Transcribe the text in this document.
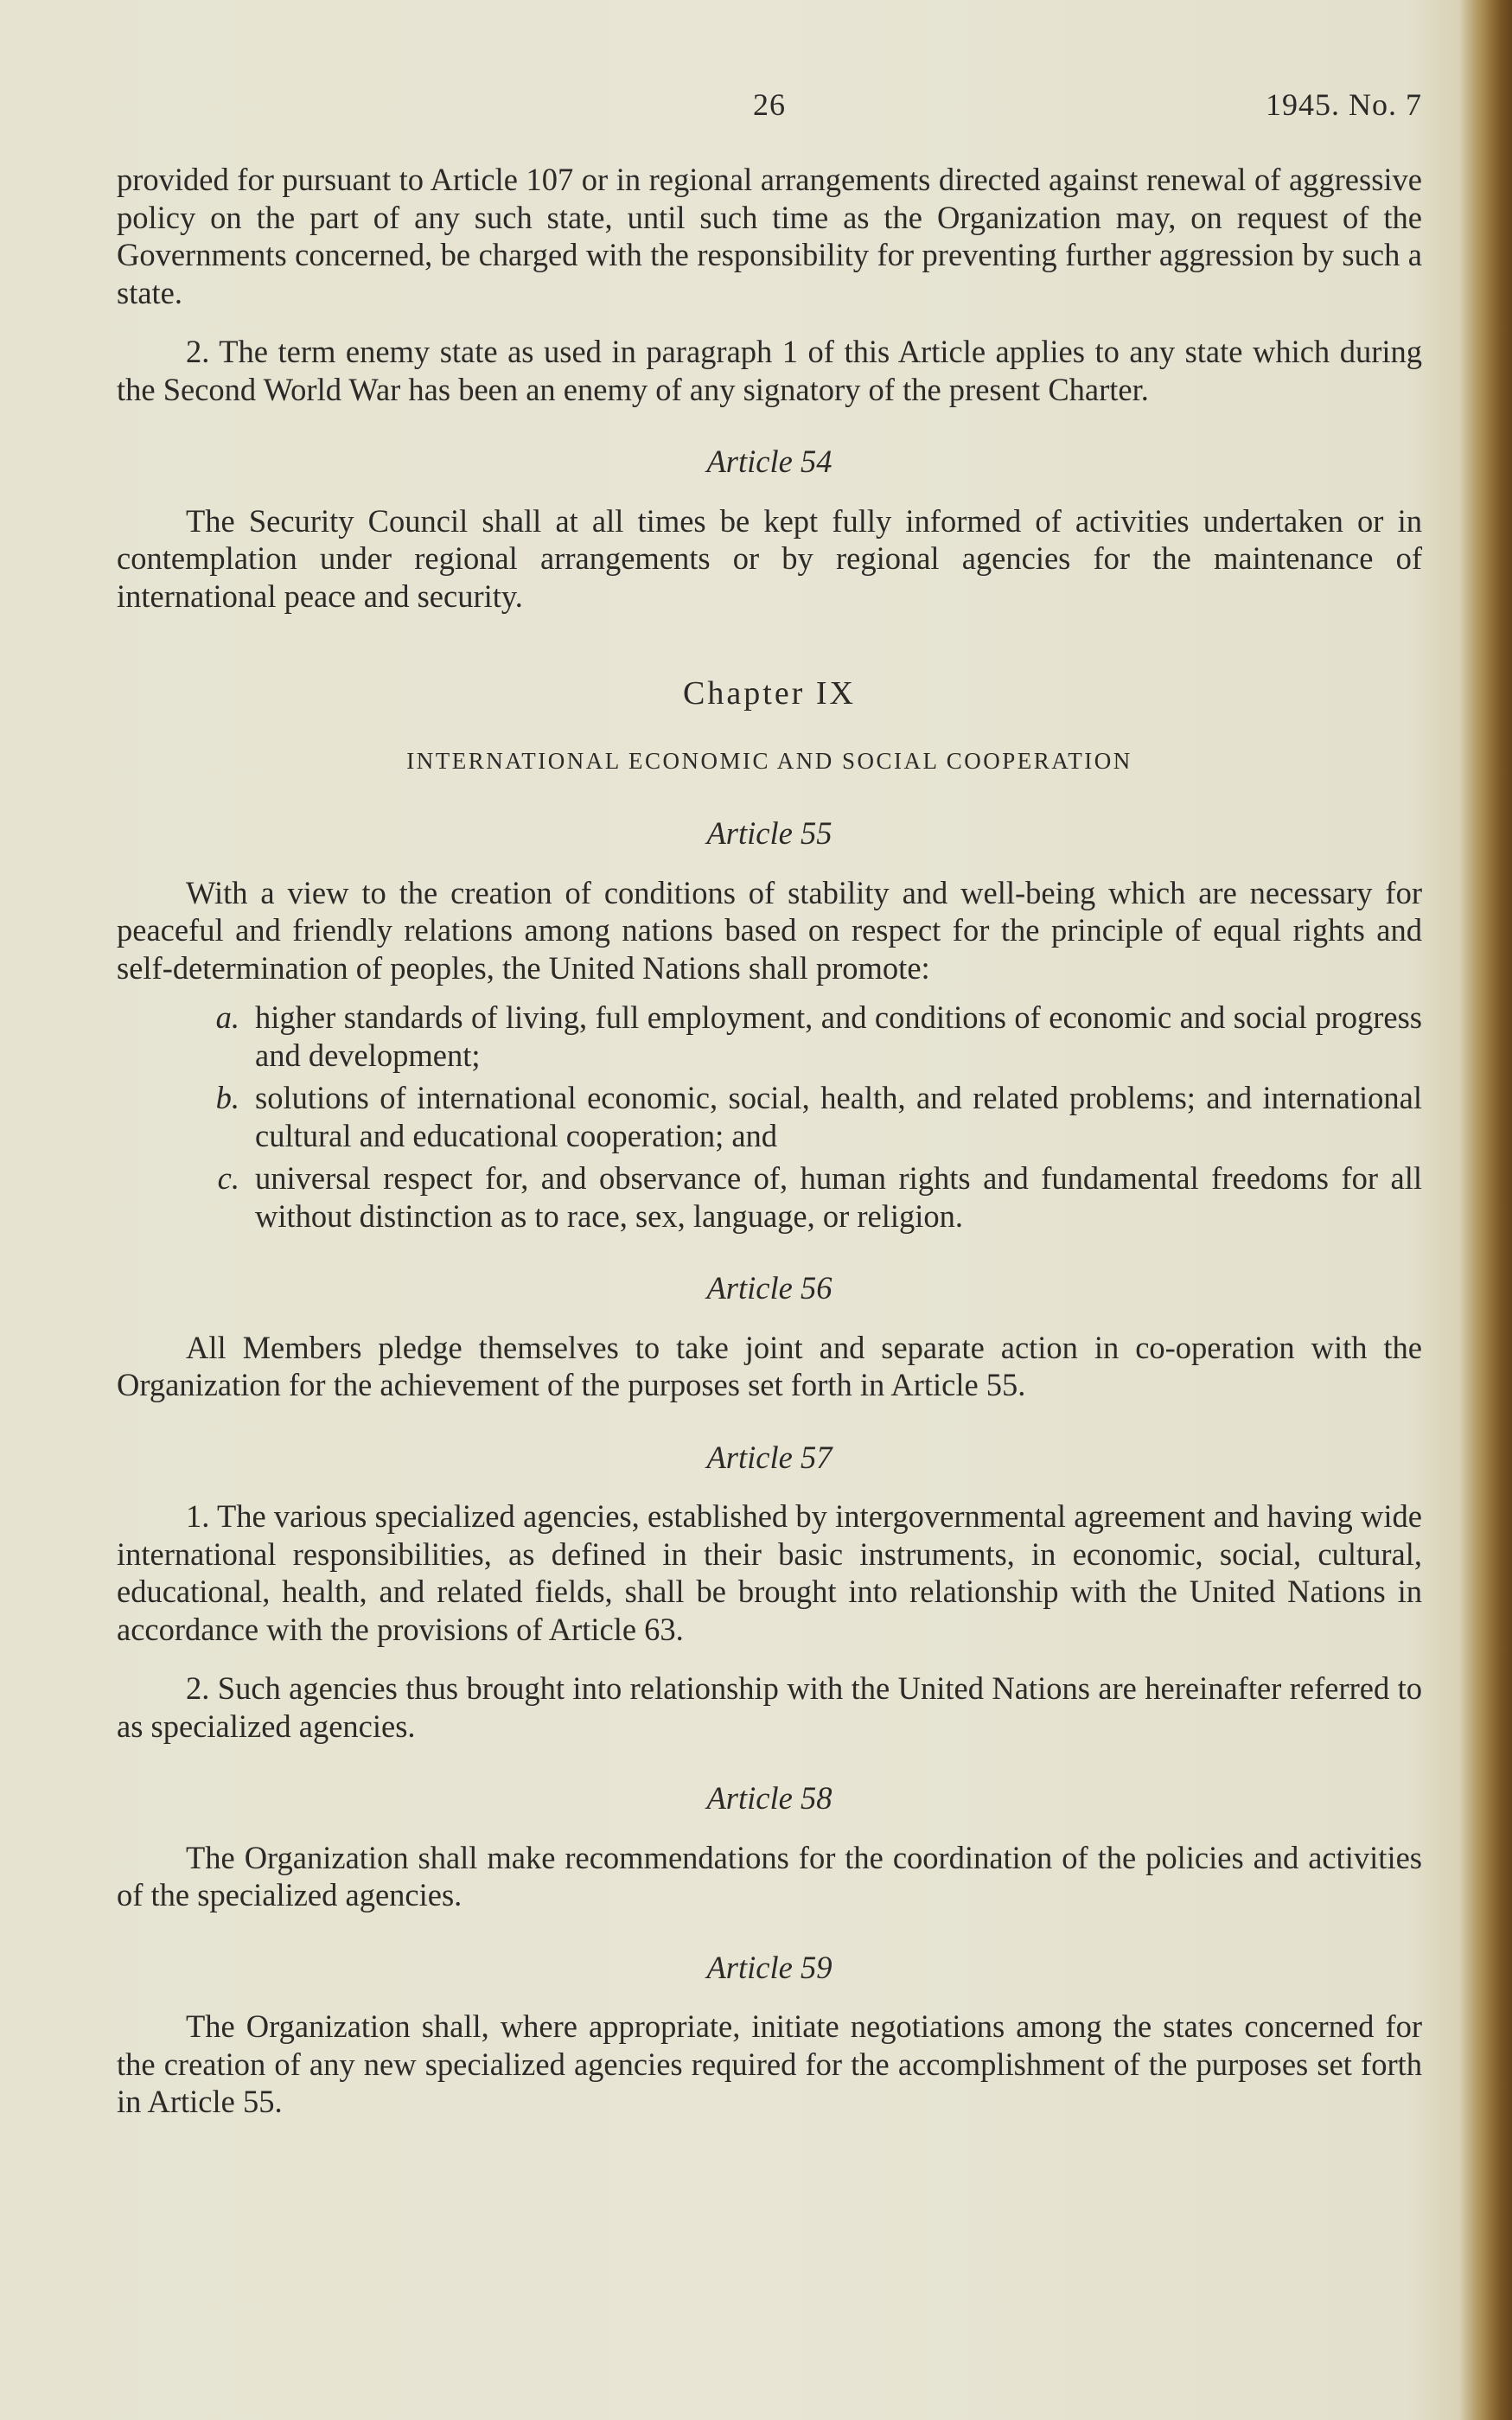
26	1945. No. 7

provided for pursuant to Article 107 or in regional arrangements directed against renewal of aggressive policy on the part of any such state, until such time as the Organization may, on request of the Governments concerned, be charged with the responsibility for preventing further aggression by such a state.

2. The term enemy state as used in paragraph 1 of this Article applies to any state which during the Second World War has been an enemy of any signatory of the present Charter.

Article 54

The Security Council shall at all times be kept fully informed of activities undertaken or in contemplation under regional arrangements or by regional agencies for the maintenance of international peace and security.

Chapter IX
INTERNATIONAL ECONOMIC AND SOCIAL COOPERATION
Article 55

With a view to the creation of conditions of stability and well-being which are necessary for peaceful and friendly relations among nations based on respect for the principle of equal rights and self-determination of peoples, the United Nations shall promote:

a. higher standards of living, full employment, and conditions of economic and social progress and development;
b. solutions of international economic, social, health, and related problems; and international cultural and educational cooperation; and
c. universal respect for, and observance of, human rights and fundamental freedoms for all without distinction as to race, sex, language, or religion.
Article 56

All Members pledge themselves to take joint and separate action in co-operation with the Organization for the achievement of the purposes set forth in Article 55.

Article 57

1. The various specialized agencies, established by intergovernmental agreement and having wide international responsibilities, as defined in their basic instruments, in economic, social, cultural, educational, health, and related fields, shall be brought into relationship with the United Nations in accordance with the provisions of Article 63.

2. Such agencies thus brought into relationship with the United Nations are hereinafter referred to as specialized agencies.

Article 58

The Organization shall make recommendations for the coordination of the policies and activities of the specialized agencies.

Article 59

The Organization shall, where appropriate, initiate negotiations among the states concerned for the creation of any new specialized agencies required for the accomplishment of the purposes set forth in Article 55.
